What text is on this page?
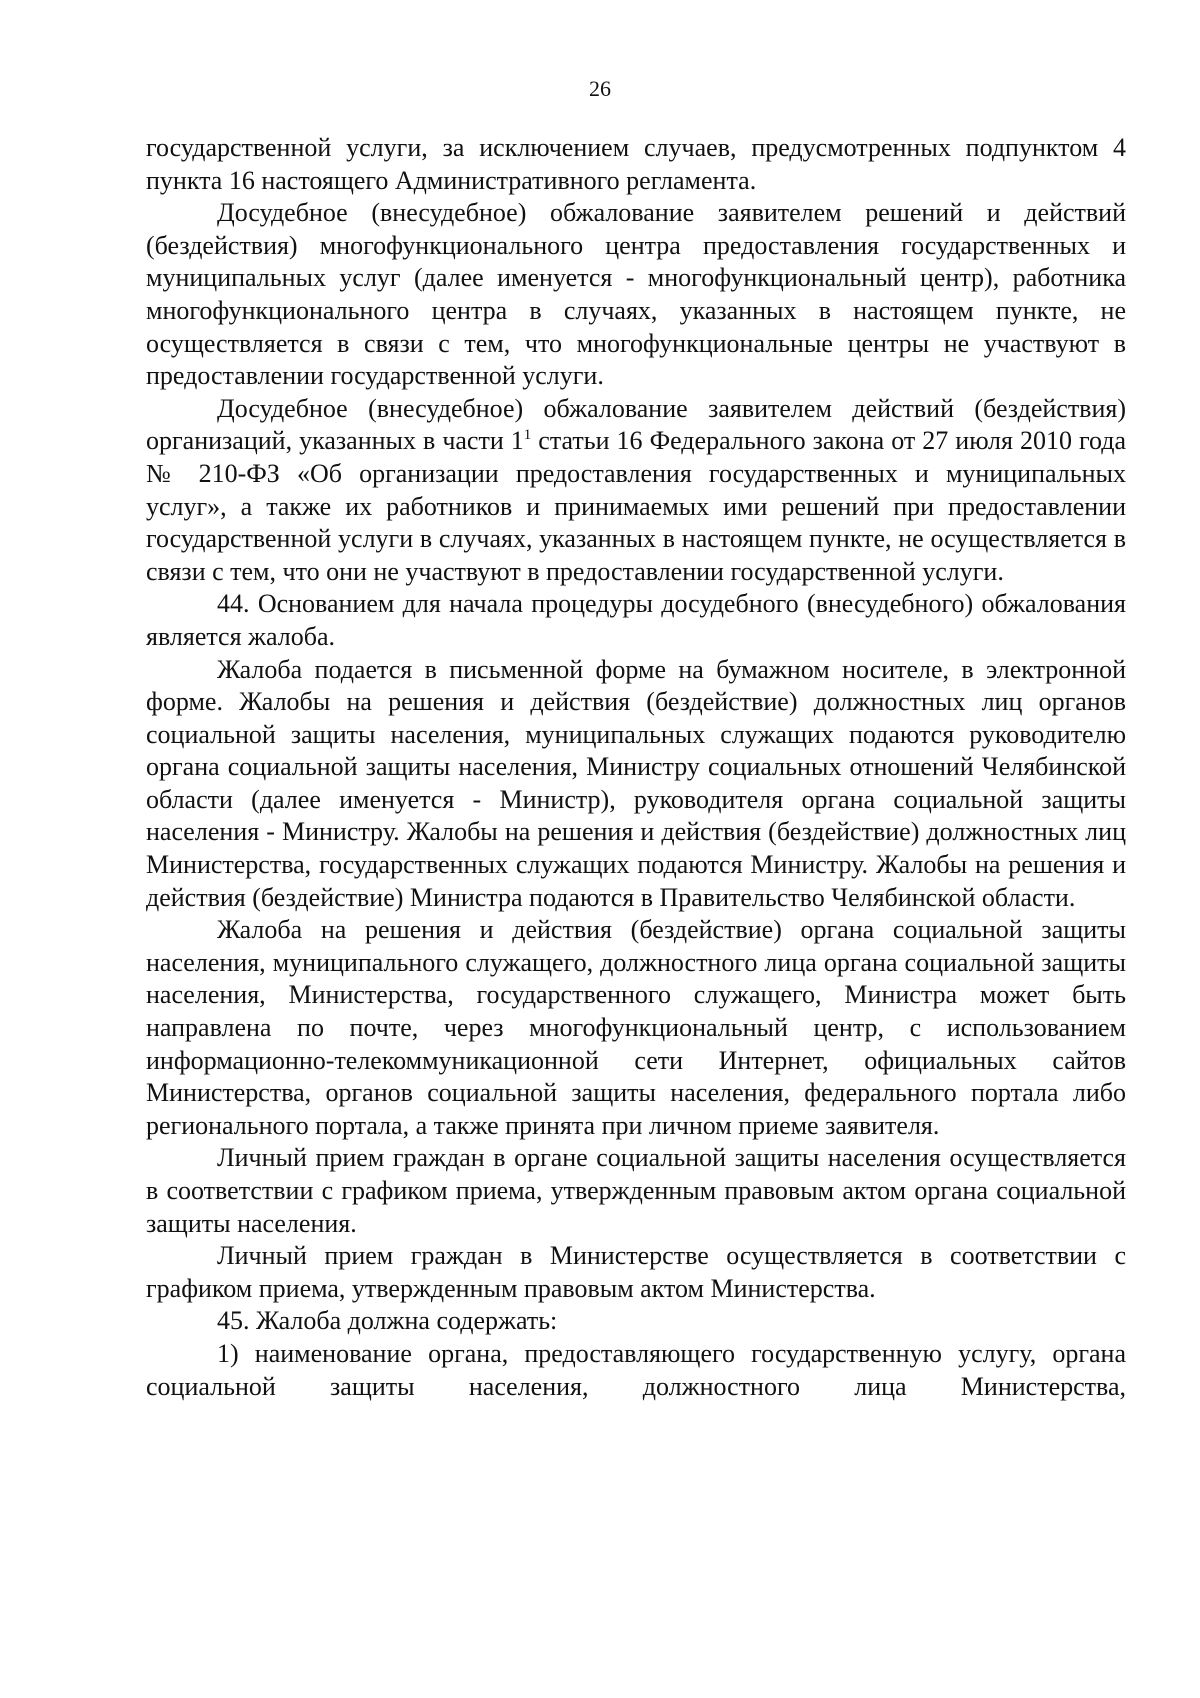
26

государственной услуги, за исключением случаев, предусмотренных подпунктом 4 пункта 16 настоящего Административного регламента.

Досудебное (внесудебное) обжалование заявителем решений и действий (бездействия) многофункционального центра предоставления государственных и муниципальных услуг (далее именуется - многофункциональный центр), работника многофункционального центра в случаях, указанных в настоящем пункте, не осуществляется в связи с тем, что многофункциональные центры не участвуют в предоставлении государственной услуги.

Досудебное (внесудебное) обжалование заявителем действий (бездействия) организаций, указанных в части $1^1$ статьи 16 Федерального закона от 27 июля 2010 года № 210-ФЗ «Об организации предоставления государственных и муниципальных услуг», а также их работников и принимаемых ими решений при предоставлении государственной услуги в случаях, указанных в настоящем пункте, не осуществляется в связи с тем, что они не участвуют в предоставлении государственной услуги.

44. Основанием для начала процедуры досудебного (внесудебного) обжалования является жалоба.

Жалоба подается в письменной форме на бумажном носителе, в электронной форме. Жалобы на решения и действия (бездействие) должностных лиц органов социальной защиты населения, муниципальных служащих подаются руководителю органа социальной защиты населения, Министру социальных отношений Челябинской области (далее именуется - Министр), руководителя органа социальной защиты населения - Министру. Жалобы на решения и действия (бездействие) должностных лиц Министерства, государственных служащих подаются Министру. Жалобы на решения и действия (бездействие) Министра подаются в Правительство Челябинской области.

Жалоба на решения и действия (бездействие) органа социальной защиты населения, муниципального служащего, должностного лица органа социальной защиты населения, Министерства, государственного служащего, Министра может быть направлена по почте, через многофункциональный центр, с использованием информационно-телекоммуникационной сети Интернет, официальных сайтов Министерства, органов социальной защиты населения, федерального портала либо регионального портала, а также принята при личном приеме заявителя.

Личный прием граждан в органе социальной защиты населения осуществляется в соответствии с графиком приема, утвержденным правовым актом органа социальной защиты населения.

Личный прием граждан в Министерстве осуществляется в соответствии с графиком приема, утвержденным правовым актом Министерства.

45. Жалоба должна содержать:

1) наименование органа, предоставляющего государственную услугу, органа социальной защиты населения, должностного лица Министерства,
